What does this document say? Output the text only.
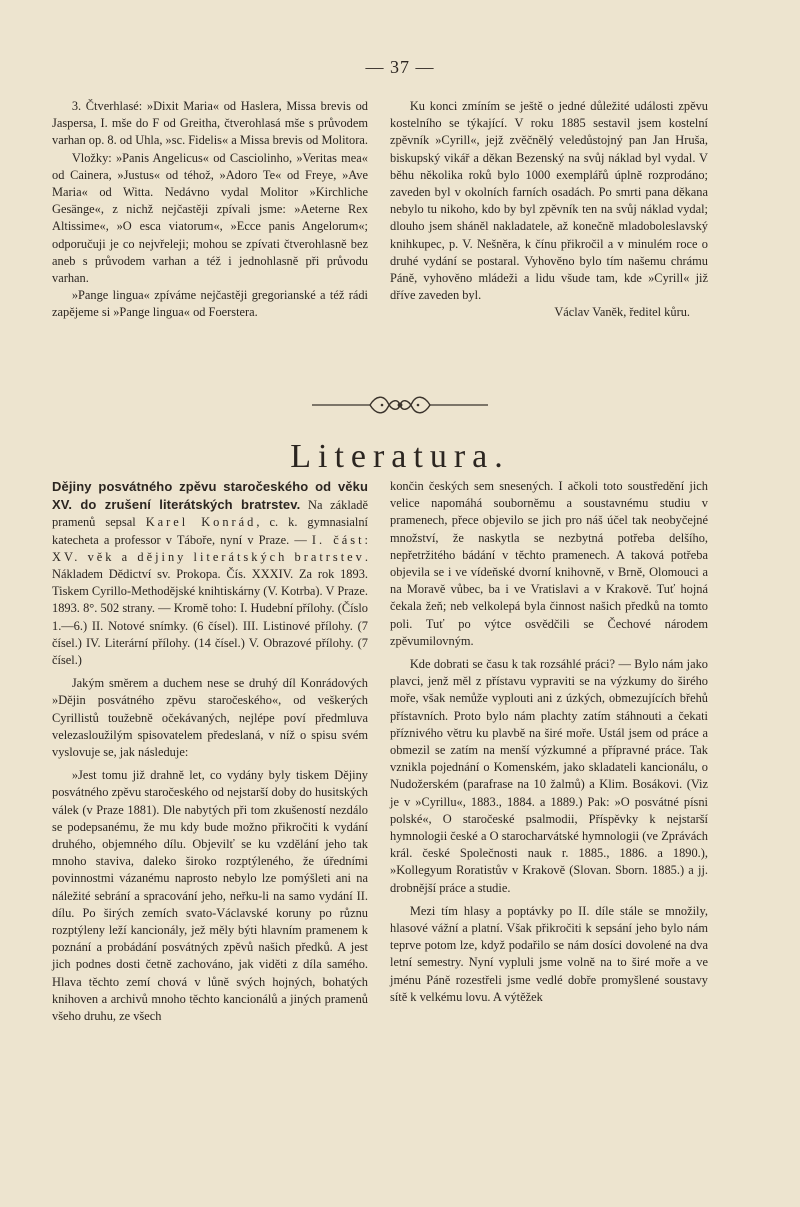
— 37 —

3. Čtverhlasé: »Dixit Maria« od Haslera, Missa brevis od Jaspersa, I. mše do F od Greitha, čtverohlasá mše s průvodem varhan op. 8. od Uhla, »sc. Fidelis« a Missa brevis od Molitora.

Vložky: »Panis Angelicus« od Casciolinho, »Veritas mea« od Cainera, »Justus« od téhož, »Adoro Te« od Freye, »Ave Maria« od Witta. Nedávno vydal Molitor »Kirchliche Gesänge«, z nichž nejčastěji zpívali jsme: »Aeterne Rex Altissime«, »O esca viatorum«, »Ecce panis Angelorum«; odporučuji je co nejvřeleji; mohou se zpívati čtverohlasně bez aneb s průvodem varhan a též i jednohlasně při průvodu varhan.

»Pange lingua« zpíváme nejčastěji gregorianské a též rádi zapějeme si »Pange lingua« od Foerstera.

Ku konci zmíním se ještě o jedné důležité události zpěvu kostelního se týkající. V roku 1885 sestavil jsem kostelní zpěvník »Cyrill«, jejž zvěčnělý veledůstojný pan Jan Hruša, biskupský vikář a děkan Bezenský na svůj náklad byl vydal. V běhu několika roků bylo 1000 exemplářů úplně rozprodáno; zaveden byl v okolních farních osadách. Po smrti pana děkana nebylo tu nikoho, kdo by byl zpěvník ten na svůj náklad vydal; dlouho jsem sháněl nakladatele, až konečně mladoboleslavský knihkupec, p. V. Nešněra, k čínu přikročil a v minulém roce o druhé vydání se postaral. Vyhověno bylo tím našemu chrámu Páně, vyhověno mládeži a lidu všude tam, kde »Cyrill« již dříve zaveden byl.

Václav Vaněk, ředitel kůru.

Literatura.

Dějiny posvátného zpěvu staročeského od věku XV. do zrušení literátských bratrstev. Na základě pramenů sepsal Karel Konrád, c. k. gymnasialní katecheta a professor v Táboře, nyní v Praze. — I. část: XV. věk a dějiny literátských bratrstev. Nákladem Dědictví sv. Prokopa. Čís. XXXIV. Za rok 1893. Tiskem Cyrillo-Methodějské knihtiskárny (V. Kotrba). V Praze. 1893. 8°. 502 strany. — Kromě toho: I. Hudební přílohy. (Číslo 1.—6.) II. Notové snímky. (6 čísel). III. Listinové přílohy. (7 čísel.) IV. Literární přílohy. (14 čísel.) V. Obrazové přílohy. (7 čísel.)

Jakým směrem a duchem nese se druhý díl Konrádových »Dějin posvátného zpěvu staročeského«, od veškerých Cyrillistů toužebně očekávaných, nejlépe poví předmluva velezasloužilým spisovatelem předeslaná, v níž o spisu svém vyslovuje se, jak následuje:

»Jest tomu již drahně let, co vydány byly tiskem Dějiny posvátného zpěvu staročeského od nejstarší doby do husitských válek (v Praze 1881). Dle nabytých při tom zkušeností nezdálo se podepsanému, že mu kdy bude možno přikročiti k vydání druhého, objemného dílu. Objevilť se ku vzdělání jeho tak mnoho staviva, daleko široko rozptýleného, že úředními povinnostmi vázanému naprosto nebylo lze pomýšleti ani na náležité sebrání a spracování jeho, neřku-li na samo vydání II. dílu. Po širých zemích svato-Václavské koruny po různu rozptýleny leží kancionály, jež měly býti hlavním pramenem k poznání a probádání posvátných zpěvů našich předků. A jest jich podnes dosti četně zachováno, jak viděti z díla samého. Hlava těchto zemí chová v lůně svých hojných, bohatých knihoven a archivů mnoho těchto kancionálů a jiných pramenů všeho druhu, ze všech

končin českých sem snesených. I ačkoli toto soustředění jich velice napomáhá souborněmu a soustavnému studiu v pramenech, přece objevilo se jich pro náš účel tak neobyčejné množství, že naskytla se nezbytná potřeba delšího, nepřetržitého bádání v těchto pramenech. A taková potřeba objevila se i ve vídeňské dvorní knihovně, v Brně, Olomouci a na Moravě vůbec, ba i ve Vratislavi a v Krakově. Tuť hojná čekala žeň; neb velkolepá byla činnost našich předků na tomto poli. Tuť po výtce osvědčili se Čechové národem zpěvumilovným.

Kde dobrati se času k tak rozsáhlé práci? — Bylo nám jako plavci, jenž měl z přístavu vypraviti se na výzkumy do širého moře, však nemůže vyplouti ani z úzkých, obmezujících břehů přístavních. Proto bylo nám plachty zatím stáhnouti a čekati příznivého větru ku plavbě na širé moře. Ustál jsem od práce a obmezil se zatím na menší výzkumné a přípravné práce. Tak vznikla pojednání o Komenském, jako skladateli kancionálu, o Nudožerském (parafrase na 10 žalmů) a Klim. Bosákovi. (Viz je v »Cyrillu«, 1883., 1884. a 1889.) Pak: »O posvátné písni polské«, O staročeské psalmodii, Příspěvky k nejstarší hymnologii české a O starocharvátské hymnologii (ve Zprávách král. české Společnosti nauk r. 1885., 1886. a 1890.), »Kollegyum Roratistův v Krakově (Slovan. Sborn. 1885.) a jj. drobnější práce a studie.

Mezi tím hlasy a poptávky po II. díle stále se množily, hlasové vážní a platní. Však přikročiti k sepsání jeho bylo nám teprve potom lze, když podařilo se nám dosíci dovolené na dva letní semestry. Nyní vypluli jsme volně na to širé moře a ve jménu Páně rozestřeli jsme vedlé dobře promyšlené soustavy sítě k velkému lovu. A výtěžek
